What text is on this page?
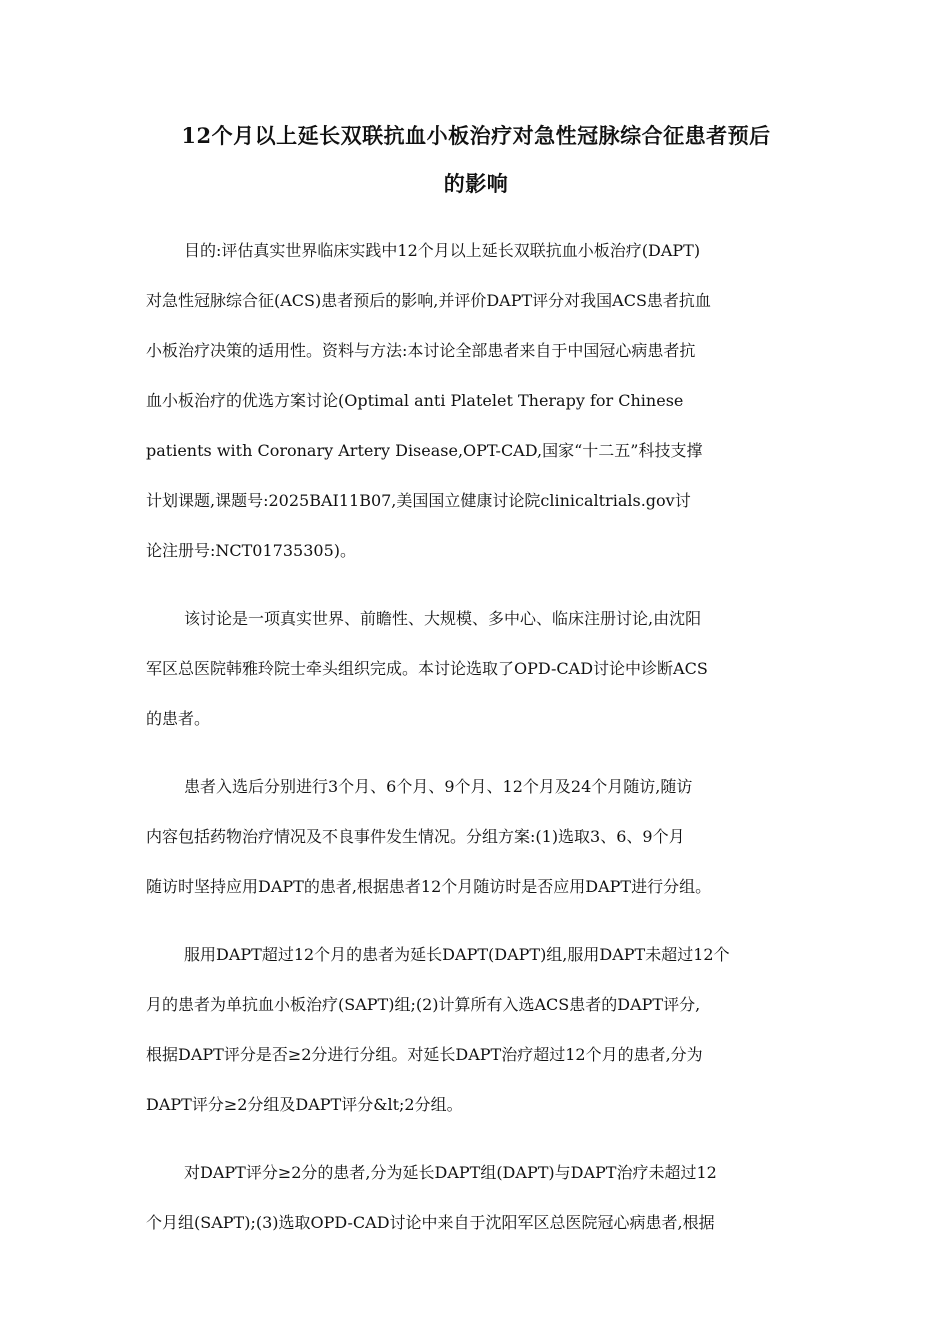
12个月以上延长双联抗血小板治疗对急性冠脉综合征患者预后
的影响

目的:评估真实世界临床实践中12个月以上延长双联抗血小板治疗(DAPT)
对急性冠脉综合征(ACS)患者预后的影响,并评价DAPT评分对我国ACS患者抗血
小板治疗决策的适用性。资料与方法:本讨论全部患者来自于中国冠心病患者抗
血小板治疗的优选方案讨论(Optimal anti Platelet Therapy for Chinese
patients with Coronary Artery Disease,OPT-CAD,国家“十二五”科技支撑
计划课题,课题号:2025BAI11B07,美国国立健康讨论院clinicaltrials.gov讨
论注册号:NCT01735305)。

该讨论是一项真实世界、前瞻性、大规模、多中心、临床注册讨论,由沈阳
军区总医院韩雅玲院士牵头组织完成。本讨论选取了OPD-CAD讨论中诊断ACS
的患者。

患者入选后分别进行3个月、6个月、9个月、12个月及24个月随访,随访
内容包括药物治疗情况及不良事件发生情况。分组方案:(1)选取3、6、9个月
随访时坚持应用DAPT的患者,根据患者12个月随访时是否应用DAPT进行分组。

服用DAPT超过12个月的患者为延长DAPT(DAPT)组,服用DAPT未超过12个
月的患者为单抗血小板治疗(SAPT)组;(2)计算所有入选ACS患者的DAPT评分,
根据DAPT评分是否≥2分进行分组。对延长DAPT治疗超过12个月的患者,分为
DAPT评分≥2分组及DAPT评分&lt;2分组。

对DAPT评分≥2分的患者,分为延长DAPT组(DAPT)与DAPT治疗未超过12
个月组(SAPT);(3)选取OPD-CAD讨论中来自于沈阳军区总医院冠心病患者,根据
